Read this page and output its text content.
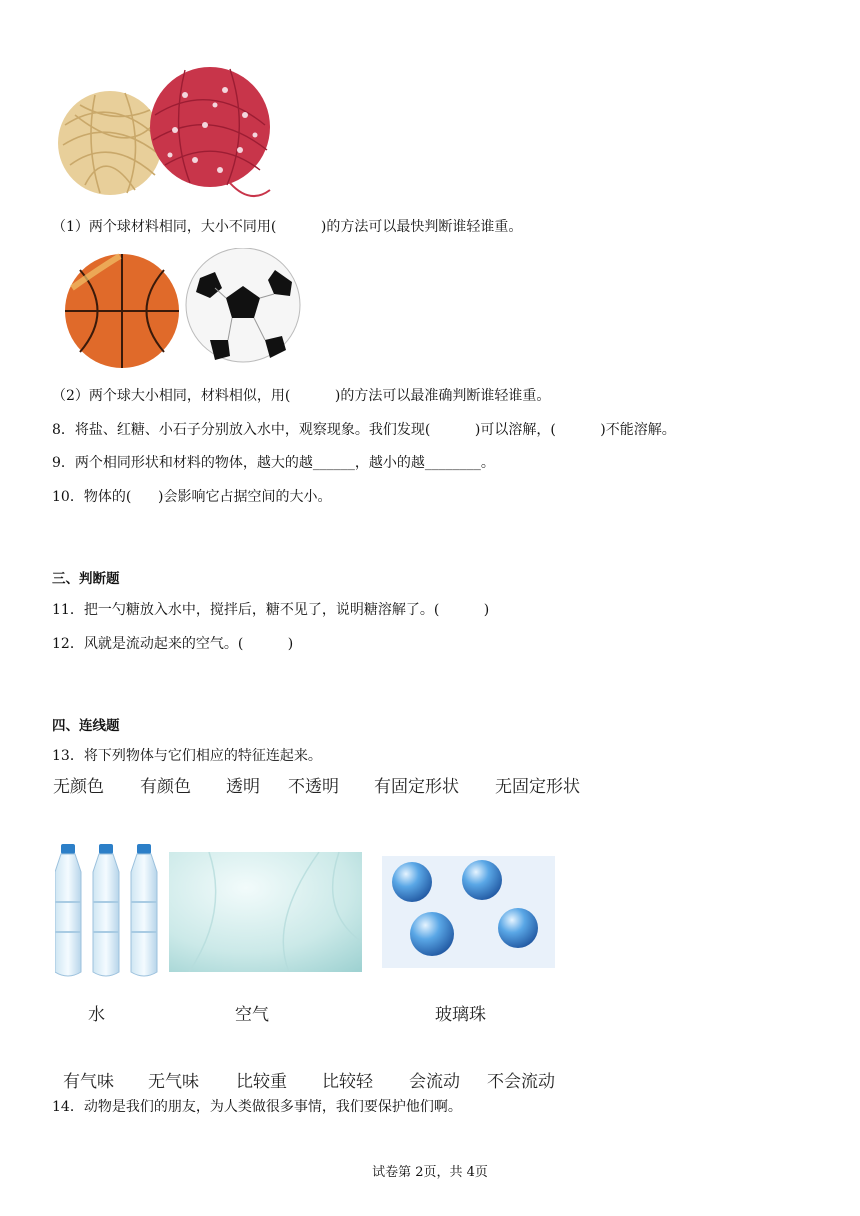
（1）两个球材料相同，大小不同用(          )的方法可以最快判断谁轻谁重。
（2）两个球大小相同，材料相似，用(          )的方法可以最准确判断谁轻谁重。
8．将盐、红糖、小石子分别放入水中，观察现象。我们发现(          )可以溶解，(          )不能溶解。
9．两个相同形状和材料的物体，越大的越______，越小的越________。
10．物体的(      )会影响它占据空间的大小。
三、判断题
11．把一勺糖放入水中，搅拌后，糖不见了，说明糖溶解了。(          )
12．风就是流动起来的空气。(          )
四、连线题
13．将下列物体与它们相应的特征连起来。
无颜色 有颜色 透明 不透明 有固定形状 无固定形状
水	空气	玻璃珠
有气味 无气味 比较重 比较轻 会流动 不会流动
14．动物是我们的朋友，为人类做很多事情，我们要保护他们啊。
试卷第 2页，共 4页
